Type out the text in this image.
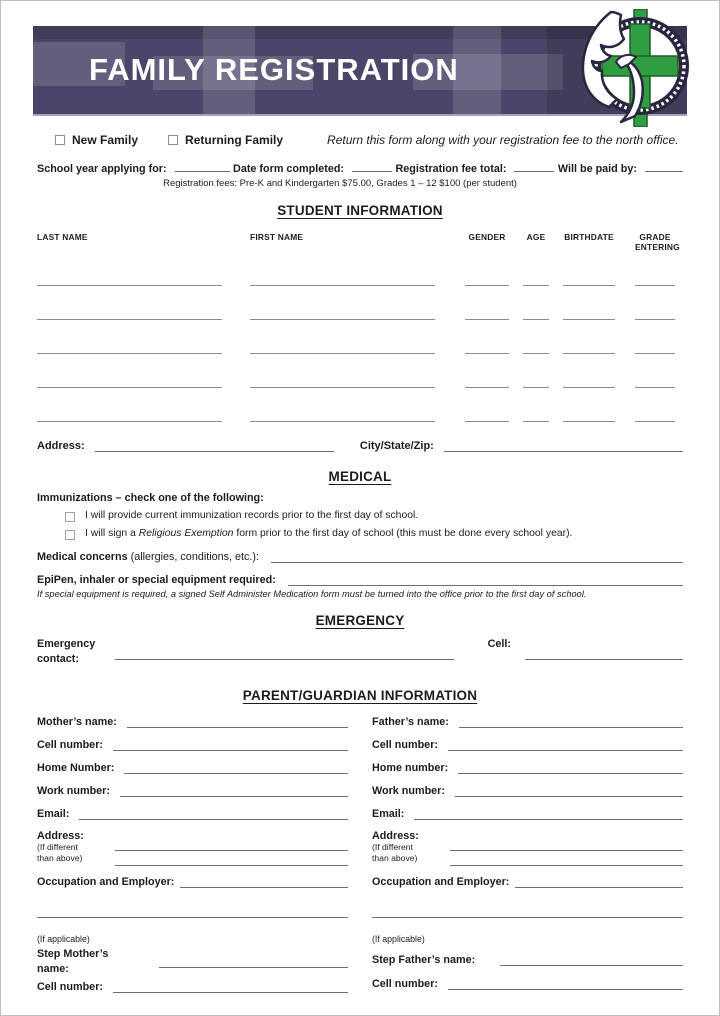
FAMILY REGISTRATION
New Family	Returning Family	Return this form along with your registration fee to the north office.
School year applying for:	Date form completed:	Registration fee total:	Will be paid by:
Registration fees: Pre-K and Kindergarten $75.00, Grades 1 – 12 $100 (per student)
STUDENT INFORMATION
LAST NAME	FIRST NAME	GENDER	AGE	BIRTHDATE	GRADE ENTERING
Address:	City/State/Zip:
MEDICAL
Immunizations – check one of the following:
I will provide current immunization records prior to the first day of school.
I will sign a Religious Exemption form prior to the first day of school (this must be done every school year).
Medical concerns (allergies, conditions, etc.):
EpiPen, inhaler or special equipment required:
If special equipment is required, a signed Self Administer Medication form must be turned into the office prior to the first day of school.
EMERGENCY
Emergency contact:
Cell:
PARENT/GUARDIAN INFORMATION
Mother’s name:
Cell number:
Home Number:
Work number:
Email:
Address:
(If different
than above)
Occupation and Employer:
(If applicable)
Step Mother’s name:
Cell number:
Father’s name:
Cell number:
Home number:
Work number:
Email:
Address:
(If different
than above)
Occupation and Employer:
(If applicable)
Step Father’s name:
Cell number:
